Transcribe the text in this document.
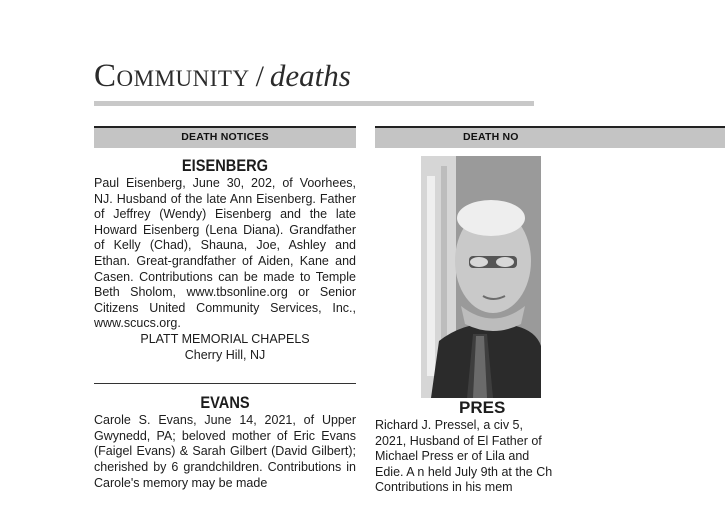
Community / deaths
DEATH NOTICES
EISENBERG

Paul Eisenberg, June 30, 202, of Voorhees, NJ. Husband of the late Ann Eisenberg. Father of Jeffrey (Wendy) Eisenberg and the late Howard Eisenberg (Lena Diana). Grandfather of Kelly (Chad), Shauna, Joe, Ashley and Ethan. Great-grandfather of Aiden, Kane and Casen. Contributions can be made to Temple Beth Sholom, www.tbsonline.org or Senior Citizens United Community Services, Inc., www.scucs.org.

PLATT MEMORIAL CHAPELS
Cherry Hill, NJ
EVANS

Carole S. Evans, June 14, 2021, of Upper Gwynedd, PA; beloved mother of Eric Evans (Faigel Evans) & Sarah Gilbert (David Gilbert); cherished by 6 grandchildren. Contributions in Carole's memory may be made

DEATH NO
PRES

Richard J. Pressel, a civ 5, 2021, Husband of El Father of Michael Press er of Lila and Edie. A n held July 9th at the Ch Contributions in his mem
